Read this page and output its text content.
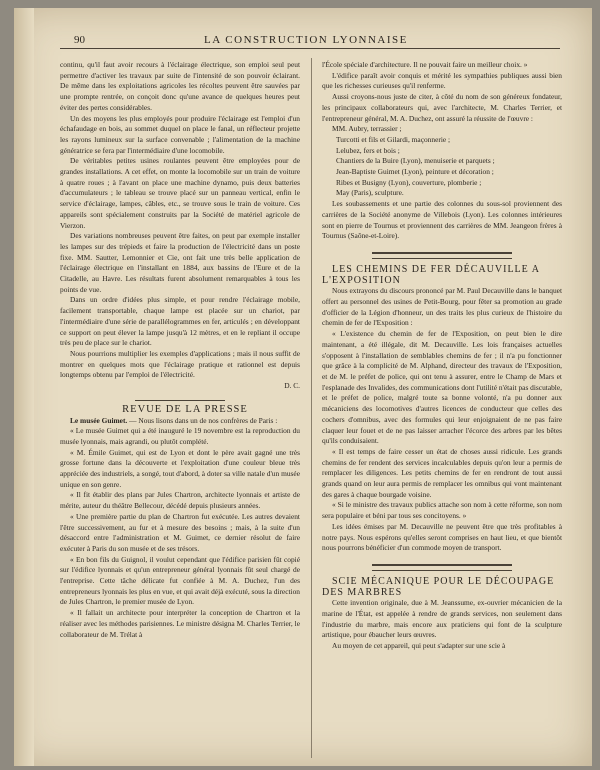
90	LA CONSTRUCTION LYONNAISE

continu, qu'il faut avoir recours à l'éclairage électrique, son emploi seul peut permettre d'activer les travaux par suite de l'intensité de son pouvoir éclairant. De même dans les exploitations agricoles les récoltes peuvent être sauvées par une prompte rentrée, on conçoit donc qu'une avance de quelques heures peut éviter des pertes considérables.

Un des moyens les plus employés pour produire l'éclairage est l'emploi d'un échafaudage en bois, au sommet duquel on place le fanal, un réflecteur projette les rayons lumineux sur la surface convenable ; l'alimentation de la machine génératrice se fera par l'intermédiaire d'une locomobile.

De véritables petites usines roulantes peuvent être employées pour de grandes installations. A cet effet, on monte la locomobile sur un train de voiture à quatre roues ; à l'avant on place une machine dynamo, puis deux batteries d'accumulateurs ; le tableau se trouve placé sur un panneau vertical, enfin le service d'éclairage, lampes, câbles, etc., se trouve sous le train de voiture. Ces appareils sont spécialement construits par la Société de matériel agricole de Vierzon.

Des variations nombreuses peuvent être faites, on peut par exemple installer les lampes sur des trépieds et faire la production de l'électricité dans un poste fixe. MM. Sautter, Lemonnier et Cie, ont fait une très belle application de l'éclairage électrique en l'installant en 1884, aux bassins de l'Eure et de la Citadelle, au Havre. Les résultats furent absolument remarquables à tous les points de vue.

Dans un ordre d'idées plus simple, et pour rendre l'éclairage mobile, facilement transportable, chaque lampe est placée sur un chariot, par l'intermédiaire d'une série de parallélogrammes en fer, articulés ; en développant ce support on peut élever la lampe jusqu'à 12 mètres, et en le repliant il occupe très peu de place sur le chariot.

Nous pourrions multiplier les exemples d'applications ; mais il nous suffit de montrer en quelques mots que l'éclairage pratique et rationnel est depuis longtemps obtenu par l'emploi de l'électricité.

D. C.

REVUE DE LA PRESSE

Le musée Guimet. — Nous lisons dans un de nos confrères de Paris :

« Le musée Guimet qui a été inauguré le 19 novembre est la reproduction du musée lyonnais, mais agrandi, ou plutôt complété.

« M. Émile Guimet, qui est de Lyon et dont le père avait gagné une très grosse fortune dans la découverte et l'exploitation d'une couleur bleue très appréciée des industriels, a songé, tout d'abord, à doter sa ville natale d'un musée unique en son genre.

« Il fit établir des plans par Jules Chartron, architecte lyonnais et artiste de mérite, auteur du théâtre Bellecour, décédé depuis plusieurs années.

« Une première partie du plan de Chartron fut exécutée. Les autres devaient l'être successivement, au fur et à mesure des besoins ; mais, à la suite d'un désaccord entre l'administration et M. Guimet, ce dernier résolut de faire exécuter à Paris du son musée et de ses trésors.

« En bon fils du Guignol, il voulut cependant que l'édifice parisien fût copié sur l'édifice lyonnais et qu'un entrepreneur général lyonnais fût seul chargé de l'entreprise. Cette tâche délicate fut confiée à M. A. Duchez, l'un des entrepreneurs lyonnais les plus en vue, et qui avait déjà exécuté, sous la direction de Jules Chartron, le premier musée de Lyon.

« Il fallait un architecte pour interpréter la conception de Chartron et la réaliser avec les méthodes parisiennes. Le ministre désigna M. Charles Terrier, le collaborateur de M. Trélat à

l'École spéciale d'architecture. Il ne pouvait faire un meilleur choix. »

L'édifice paraît avoir conquis et mérité les sympathies publiques aussi bien que les richesses curieuses qu'il renferme.

Aussi croyons-nous juste de citer, à côté du nom de son généreux fondateur, les principaux collaborateurs qui, avec l'architecte, M. Charles Terrier, et l'entrepreneur général, M. A. Duchez, ont assuré la réussite de l'œuvre :

MM. Aubry, terrassier ;

Turcotti et fils et Gilardi, maçonnerie ;

Lelubez, fers et bois ;

Chantiers de la Buire (Lyon), menuiserie et parquets ;

Jean-Baptiste Guimet (Lyon), peinture et décoration ;

Ribes et Busigny (Lyon), couverture, plomberie ;

May (Paris), sculpture.

Les soubassements et une partie des colonnes du sous-sol proviennent des carrières de la Société anonyme de Villebois (Lyon). Les colonnes intérieures sont en pierre de Tournus et proviennent des carrières de MM. Jeangeon frères à Tournus (Saône-et-Loire).

LES CHEMINS DE FER DÉCAUVILLE A L'EXPOSITION

Nous extrayons du discours prononcé par M. Paul Decauville dans le banquet offert au personnel des usines de Petit-Bourg, pour fêter sa promotion au grade d'officier de la Légion d'honneur, un des traits les plus curieux de l'histoire du chemin de fer de l'Exposition :

« L'existence du chemin de fer de l'Exposition, on peut bien le dire maintenant, a été illégale, dit M. Decauville. Les lois françaises actuelles s'opposent à l'installation de semblables chemins de fer ; il n'a pu fonctionner que grâce à la complicité de M. Alphand, directeur des travaux de l'Exposition, et de M. le préfet de police, qui ont tenu à assurer, entre le Champ de Mars et l'esplanade des Invalides, des communications dont l'utilité n'était pas discutable, et le préfet de police, malgré toute sa bonne volonté, n'a pu donner aux mécaniciens des locomotives d'autres licences de conducteur que celles des cochers d'omnibus, avec des formules qui leur enjoignaient de ne pas faire claquer leur fouet et de ne pas laisser arracher l'écorce des arbres par les bêtes qu'ils conduisaient.

« Il est temps de faire cesser un état de choses aussi ridicule. Les grands chemins de fer rendent des services incalculables depuis qu'on leur a permis de remplacer les diligences. Les petits chemins de fer en rendront de tout aussi grands quand on leur aura permis de remplacer les omnibus qui vont maintenant des gares à chaque bourgade voisine.

« Si le ministre des travaux publics attache son nom à cette réforme, son nom sera populaire et béni par tous ses concitoyens. »

Les idées émises par M. Decauville ne peuvent être que très profitables à notre pays. Nous espérons qu'elles seront comprises en haut lieu, et que bientôt nous pourrons bénéficier d'un commode moyen de transport.

SCIE MÉCANIQUE POUR LE DÉCOUPAGE DES MARBRES

Cette invention originale, due à M. Jeanssume, ex-ouvrier mécanicien de la marine de l'État, est appelée à rendre de grands services, non seulement dans l'industrie du marbre, mais encore aux praticiens qui font de la sculpture artistique, pour ébaucher leurs œuvres.

Au moyen de cet appareil, qui peut s'adapter sur une scie à
